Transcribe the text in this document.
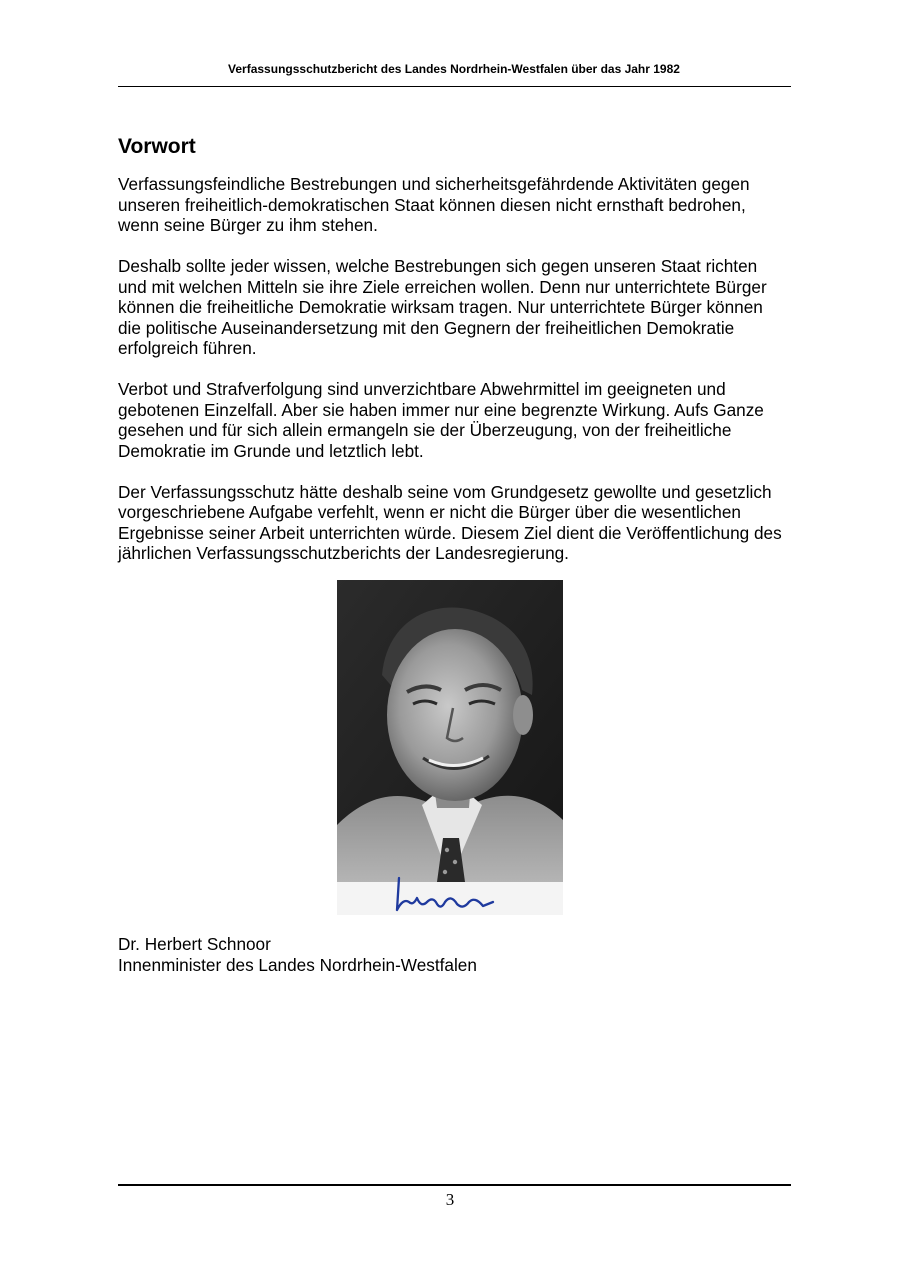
Verfassungsschutzbericht des Landes Nordrhein-Westfalen über das Jahr 1982
Vorwort

Verfassungsfeindliche Bestrebungen und sicherheitsgefährdende Aktivitäten gegen unseren freiheitlich-demokratischen Staat können diesen nicht ernsthaft bedrohen, wenn seine Bürger zu ihm stehen.

Deshalb sollte jeder wissen, welche Bestrebungen sich gegen unseren Staat richten und mit welchen Mitteln sie ihre Ziele erreichen wollen. Denn nur unterrichtete Bürger können die freiheitliche Demokratie wirksam tragen. Nur unterrichtete Bürger können die politische Auseinandersetzung mit den Gegnern der freiheitlichen Demokratie erfolgreich führen.

Verbot und Strafverfolgung sind unverzichtbare Abwehrmittel im geeigneten und gebotenen Einzelfall. Aber sie haben immer nur eine begrenzte Wirkung. Aufs Ganze gesehen und für sich allein ermangeln sie der Überzeugung, von der freiheitliche Demokratie im Grunde und letztlich lebt.

Der Verfassungsschutz hätte deshalb seine vom Grundgesetz gewollte und gesetzlich vorgeschriebene Aufgabe verfehlt, wenn er nicht die Bürger über die wesentlichen Ergebnisse seiner Arbeit unterrichten würde. Diesem Ziel dient die Veröffentlichung des jährlichen Verfassungsschutzberichts der Landesregierung.

Dr. Herbert Schnoor
Innenminister des Landes Nordrhein-Westfalen
3
